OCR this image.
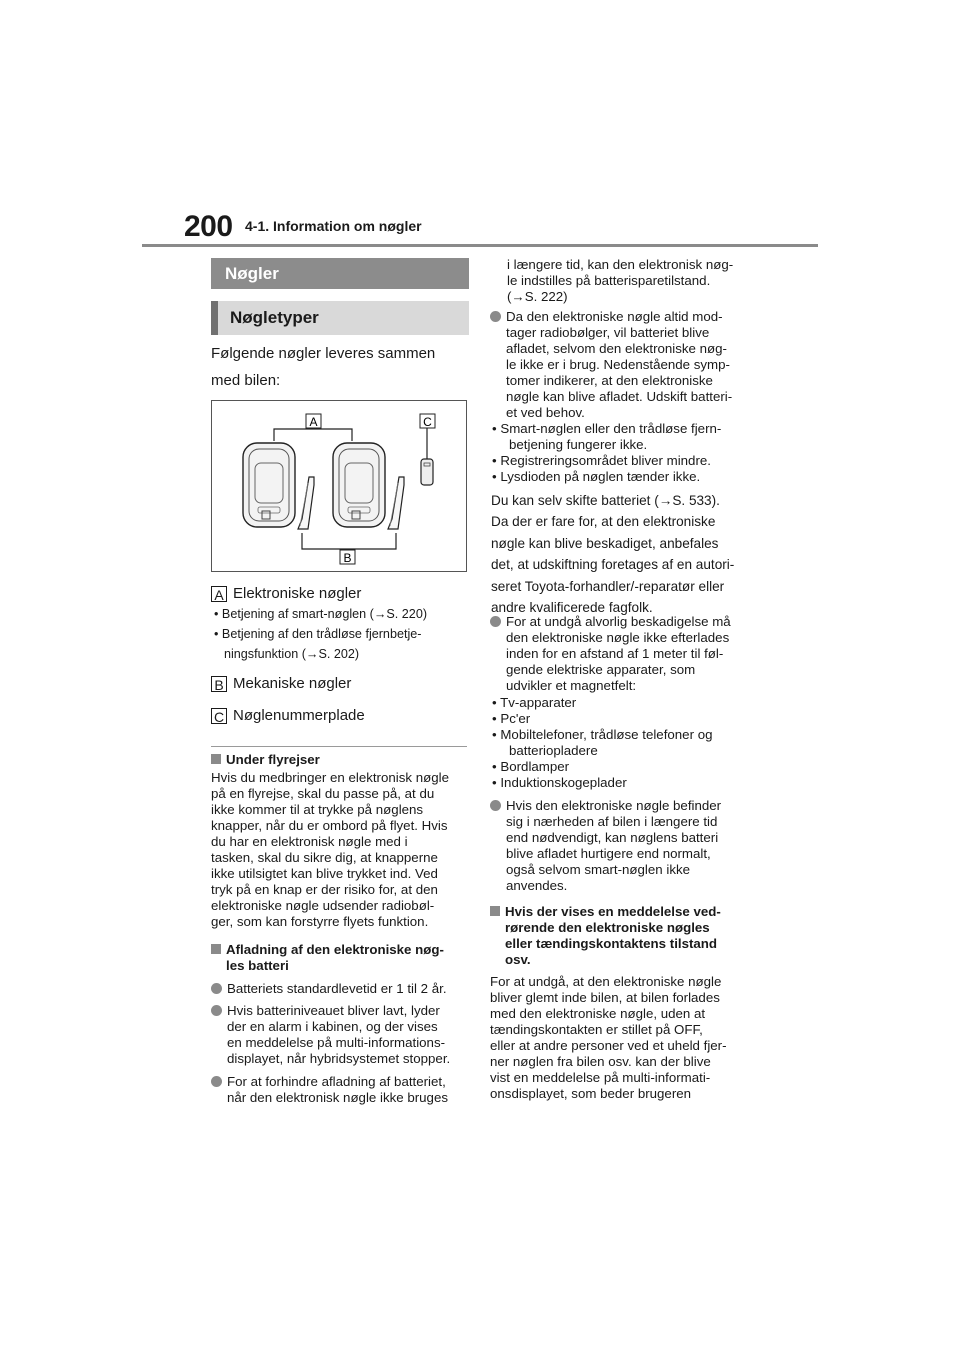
200 4-1. Information om nøgler
Nøgler
Nøgletyper
Følgende nøgler leveres sammen
med bilen:
A	C
B
A Elektroniske nøgler
• Betjening af smart-nøglen (→S. 220)
• Betjening af den trådløse fjernbetje-
ningsfunktion (→S. 202)
B Mekaniske nøgler
C Nøglenummerplade
Under flyrejser
Hvis du medbringer en elektronisk nøgle
på en flyrejse, skal du passe på, at du
ikke kommer til at trykke på nøglens
knapper, når du er ombord på flyet. Hvis
du har en elektronisk nøgle med i
tasken, skal du sikre dig, at knapperne
ikke utilsigtet kan blive trykket ind. Ved
tryk på en knap er der risiko for, at den
elektroniske nøgle udsender radiobøl-
ger, som kan forstyrre flyets funktion.
Afladning af den elektroniske nøg-
les batteri
Batteriets standardlevetid er 1 til 2 år.
Hvis batteriniveauet bliver lavt, lyder
der en alarm i kabinen, og der vises
en meddelelse på multi-informations-
displayet, når hybridsystemet stopper.
For at forhindre afladning af batteriet,
når den elektronisk nøgle ikke bruges
i længere tid, kan den elektronisk nøg-
le indstilles på batterisparetilstand.
(→S. 222)
Da den elektroniske nøgle altid mod-
tager radiobølger, vil batteriet blive
afladet, selvom den elektroniske nøg-
le ikke er i brug. Nedenstående symp-
tomer indikerer, at den elektroniske
nøgle kan blive afladet. Udskift batteri-
et ved behov.
• Smart-nøglen eller den trådløse fjern-
betjening fungerer ikke.
• Registreringsområdet bliver mindre.
• Lysdioden på nøglen tænder ikke.
Du kan selv skifte batteriet (→S. 533).
Da der er fare for, at den elektroniske
nøgle kan blive beskadiget, anbefales
det, at udskiftning foretages af en autori-
seret Toyota-forhandler/-reparatør eller
andre kvalificerede fagfolk.
For at undgå alvorlig beskadigelse må
den elektroniske nøgle ikke efterlades
inden for en afstand af 1 meter til føl-
gende elektriske apparater, som
udvikler et magnetfelt:
• Tv-apparater
• Pc'er
• Mobiltelefoner, trådløse telefoner og
batteriopladere
• Bordlamper
• Induktionskogeplader
Hvis den elektroniske nøgle befinder
sig i nærheden af bilen i længere tid
end nødvendigt, kan nøglens batteri
blive afladet hurtigere end normalt,
også selvom smart-nøglen ikke
anvendes.
Hvis der vises en meddelelse ved-
rørende den elektroniske nøgles
eller tændingskontaktens tilstand
osv.
For at undgå, at den elektroniske nøgle
bliver glemt inde bilen, at bilen forlades
med den elektroniske nøgle, uden at
tændingskontakten er stillet på OFF,
eller at andre personer ved et uheld fjer-
ner nøglen fra bilen osv. kan der blive
vist en meddelelse på multi-informati-
onsdisplayet, som beder brugeren
